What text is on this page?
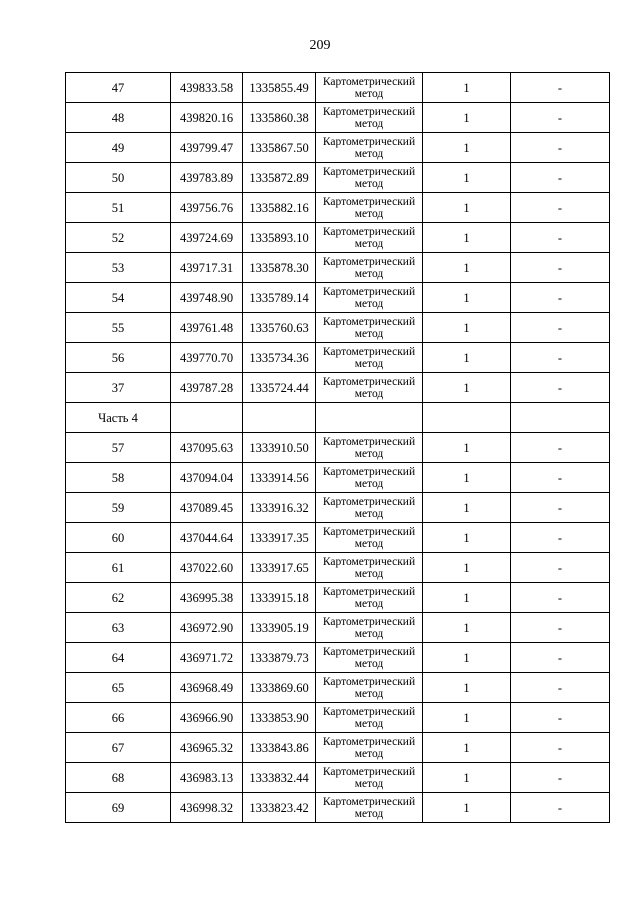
209
47	439833.58	1335855.49	Картометрический метод	1	-
48	439820.16	1335860.38	Картометрический метод	1	-
49	439799.47	1335867.50	Картометрический метод	1	-
50	439783.89	1335872.89	Картометрический метод	1	-
51	439756.76	1335882.16	Картометрический метод	1	-
52	439724.69	1335893.10	Картометрический метод	1	-
53	439717.31	1335878.30	Картометрический метод	1	-
54	439748.90	1335789.14	Картометрический метод	1	-
55	439761.48	1335760.63	Картометрический метод	1	-
56	439770.70	1335734.36	Картометрический метод	1	-
37	439787.28	1335724.44	Картометрический метод	1	-
Часть 4					
57	437095.63	1333910.50	Картометрический метод	1	-
58	437094.04	1333914.56	Картометрический метод	1	-
59	437089.45	1333916.32	Картометрический метод	1	-
60	437044.64	1333917.35	Картометрический метод	1	-
61	437022.60	1333917.65	Картометрический метод	1	-
62	436995.38	1333915.18	Картометрический метод	1	-
63	436972.90	1333905.19	Картометрический метод	1	-
64	436971.72	1333879.73	Картометрический метод	1	-
65	436968.49	1333869.60	Картометрический метод	1	-
66	436966.90	1333853.90	Картометрический метод	1	-
67	436965.32	1333843.86	Картометрический метод	1	-
68	436983.13	1333832.44	Картометрический метод	1	-
69	436998.32	1333823.42	Картометрический метод	1	-
